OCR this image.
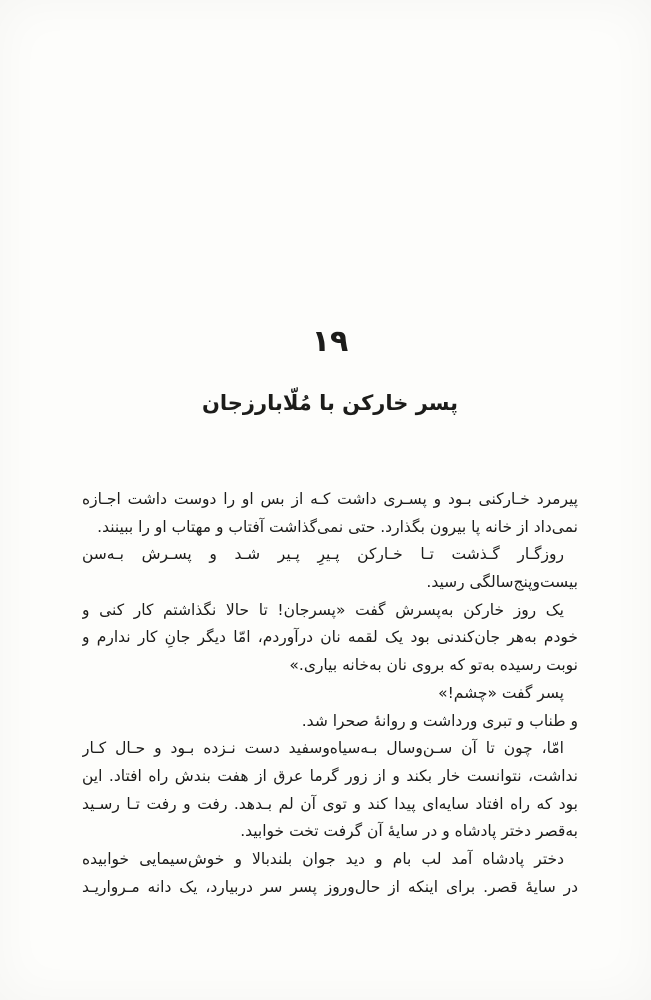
۱۹
پسر خارکن با مُلّابارزجان
پیرمرد خـارکنی بـود و پسـری داشت کـه از بس او را دوست داشت اجـازه
نمی‌داد از خانه پا بیرون بگذارد. حتی نمی‌گذاشت آفتاب و مهتاب او را ببینند.
روزگـار گـذشت تـا خـارکن پـیرِ پـیر شـد و پسـرش بـه‌سن
بیست‌وپنج‌سالگی رسید.
یک روز خارکن به‌پسرش گفت «پسرجان! تا حالا نگذاشتم کار کنی و
خودم به‌هر جان‌کندنی بود یک لقمه نان درآوردم، امّا دیگر جانِ کار ندارم و
نوبت رسیده به‌تو که بروی نان به‌خانه بیاری.»
پسر گفت «چشم!»
و طناب و تبری ورداشت و روانهٔ صحرا شد.
امّا، چون تا آن سـن‌وسال بـه‌سیاه‌وسفید دست نـزده بـود و حـال کـار
نداشت، نتوانست خار بکند و از زور گرما عرق از هفت بندش راه افتاد. این
بود که راه افتاد سایه‌ای پیدا کند و توی آن لم بـدهد. رفت و رفت تـا رسـید
به‌قصر دختر پادشاه و در سایهٔ آن گرفت تخت خوابید.
دختر پادشاه آمد لب بام و دید جوان بلندبالا و خوش‌سیمایی خوابیده
در سایهٔ قصر. برای اینکه از حال‌وروز پسر سر دربیارد، یک دانه مـرواریـد
